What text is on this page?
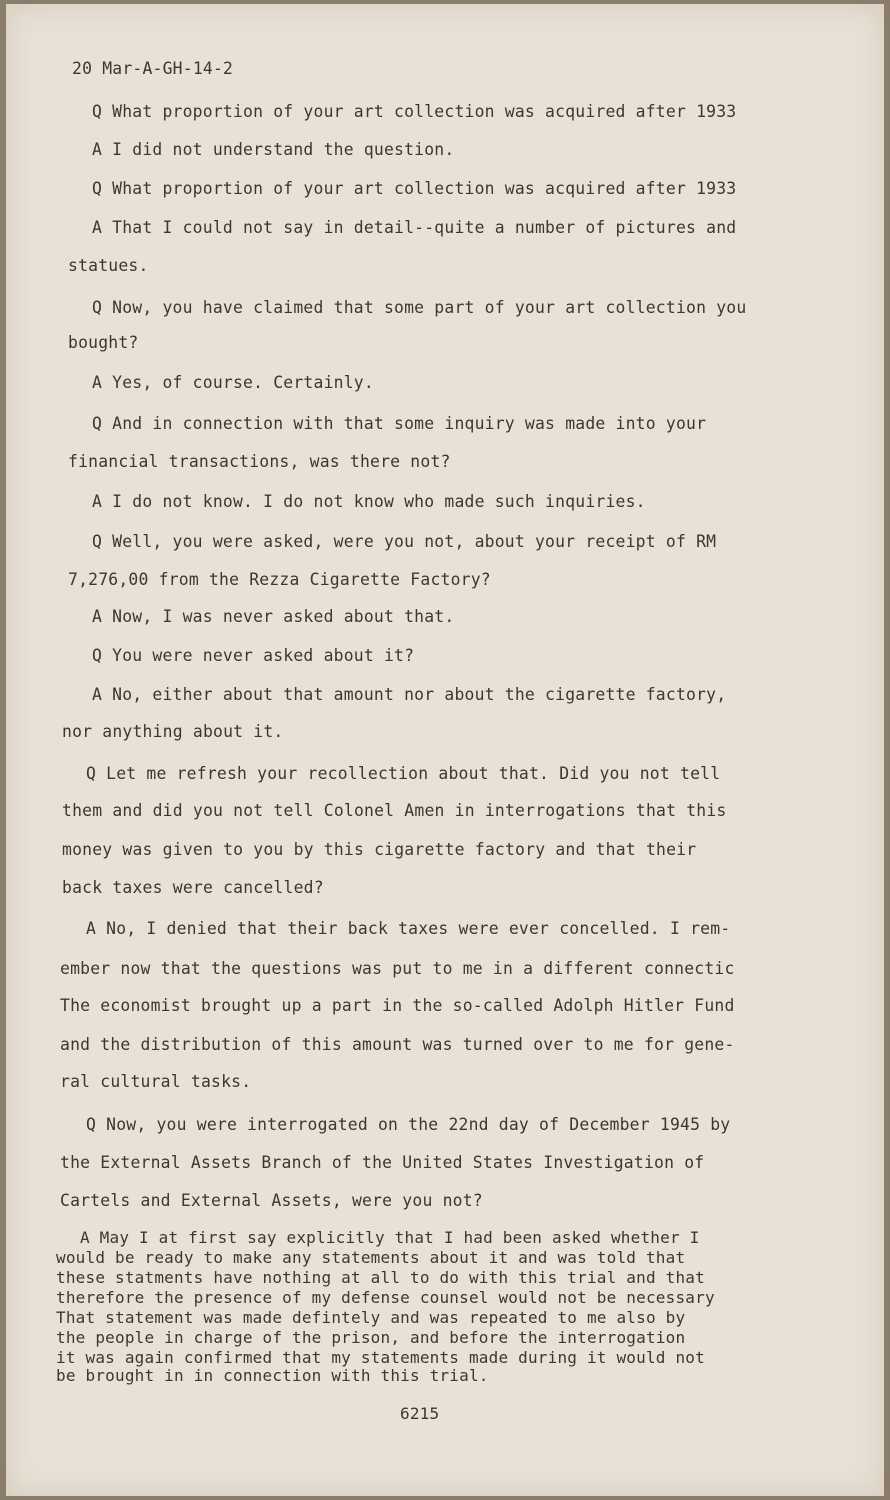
20 Mar-A-GH-14-2
Q What proportion of your art collection was acquired after 1933
A I did not understand the question.
Q What proportion of your art collection was acquired after 1933
A That I could not say in detail--quite a number of pictures and
statues.
Q Now, you have claimed that some part of your art collection you
bought?
A Yes, of course. Certainly.
Q And in connection with that some inquiry was made into your
financial transactions, was there not?
A I do not know. I do not know who made such inquiries.
Q Well, you were asked, were you not, about your receipt of RM
7,276,00 from the Rezza Cigarette Factory?
A Now, I was never asked about that.
Q You were never asked about it?
A No, either about that amount nor about the cigarette factory,
nor anything about it.
Q Let me refresh your recollection about that. Did you not tell
them and did you not tell Colonel Amen in interrogations that this
money was given to you by this cigarette factory and that their
back taxes were cancelled?
A No, I denied that their back taxes were ever concelled. I rem-
ember now that the questions was put to me in a different connectic
The economist brought up a part in the so-called Adolph Hitler Fund
and the distribution of this amount was turned over to me for gene-
ral cultural tasks.
Q Now, you were interrogated on the 22nd day of December 1945 by
the External Assets Branch of the United States Investigation of
Cartels and External Assets, were you not?
A May I at first say explicitly that I had been asked whether I
would be ready to make any statements about it and was told that
these statments have nothing at all to do with this trial and that
therefore the presence of my defense counsel would not be necessary
That statement was made defintely and was repeated to me also by
the people in charge of the prison, and before the interrogation
it was again confirmed that my statements made during it would not
be brought in in connection with this trial.
6215
